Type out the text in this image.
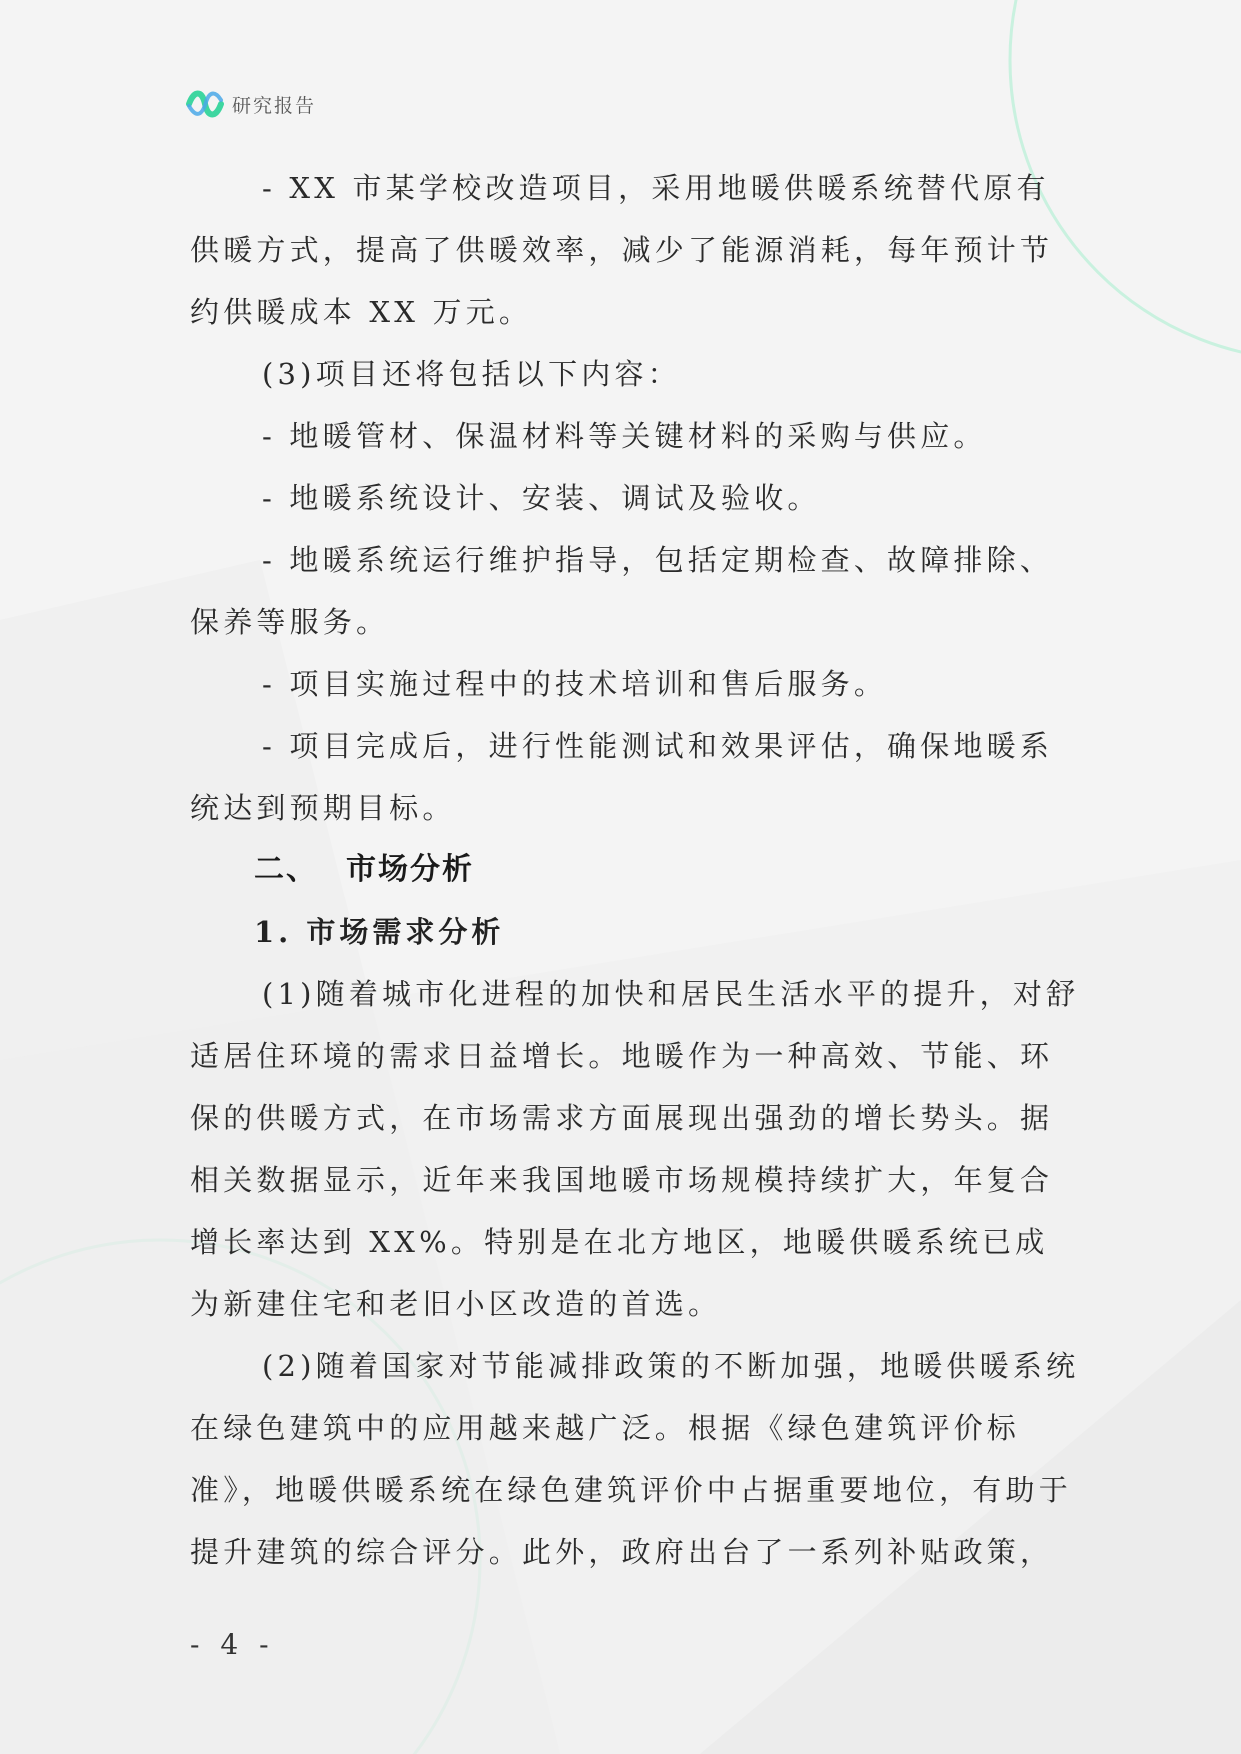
研究报告

- XX 市某学校改造项目，采用地暖供暖系统替代原有供暖方式，提高了供暖效率，减少了能源消耗，每年预计节约供暖成本 XX 万元。

(3)项目还将包括以下内容：

- 地暖管材、保温材料等关键材料的采购与供应。

- 地暖系统设计、安装、调试及验收。

- 地暖系统运行维护指导，包括定期检查、故障排除、保养等服务。

- 项目实施过程中的技术培训和售后服务。

- 项目完成后，进行性能测试和效果评估，确保地暖系统达到预期目标。

二、 市场分析
1. 市场需求分析

(1)随着城市化进程的加快和居民生活水平的提升，对舒适居住环境的需求日益增长。地暖作为一种高效、节能、环保的供暖方式，在市场需求方面展现出强劲的增长势头。据相关数据显示，近年来我国地暖市场规模持续扩大，年复合增长率达到 XX%。特别是在北方地区，地暖供暖系统已成为新建住宅和老旧小区改造的首选。

(2)随着国家对节能减排政策的不断加强，地暖供暖系统在绿色建筑中的应用越来越广泛。根据《绿色建筑评价标准》，地暖供暖系统在绿色建筑评价中占据重要地位，有助于提升建筑的综合评分。此外，政府出台了一系列补贴政策，

- 4 -
